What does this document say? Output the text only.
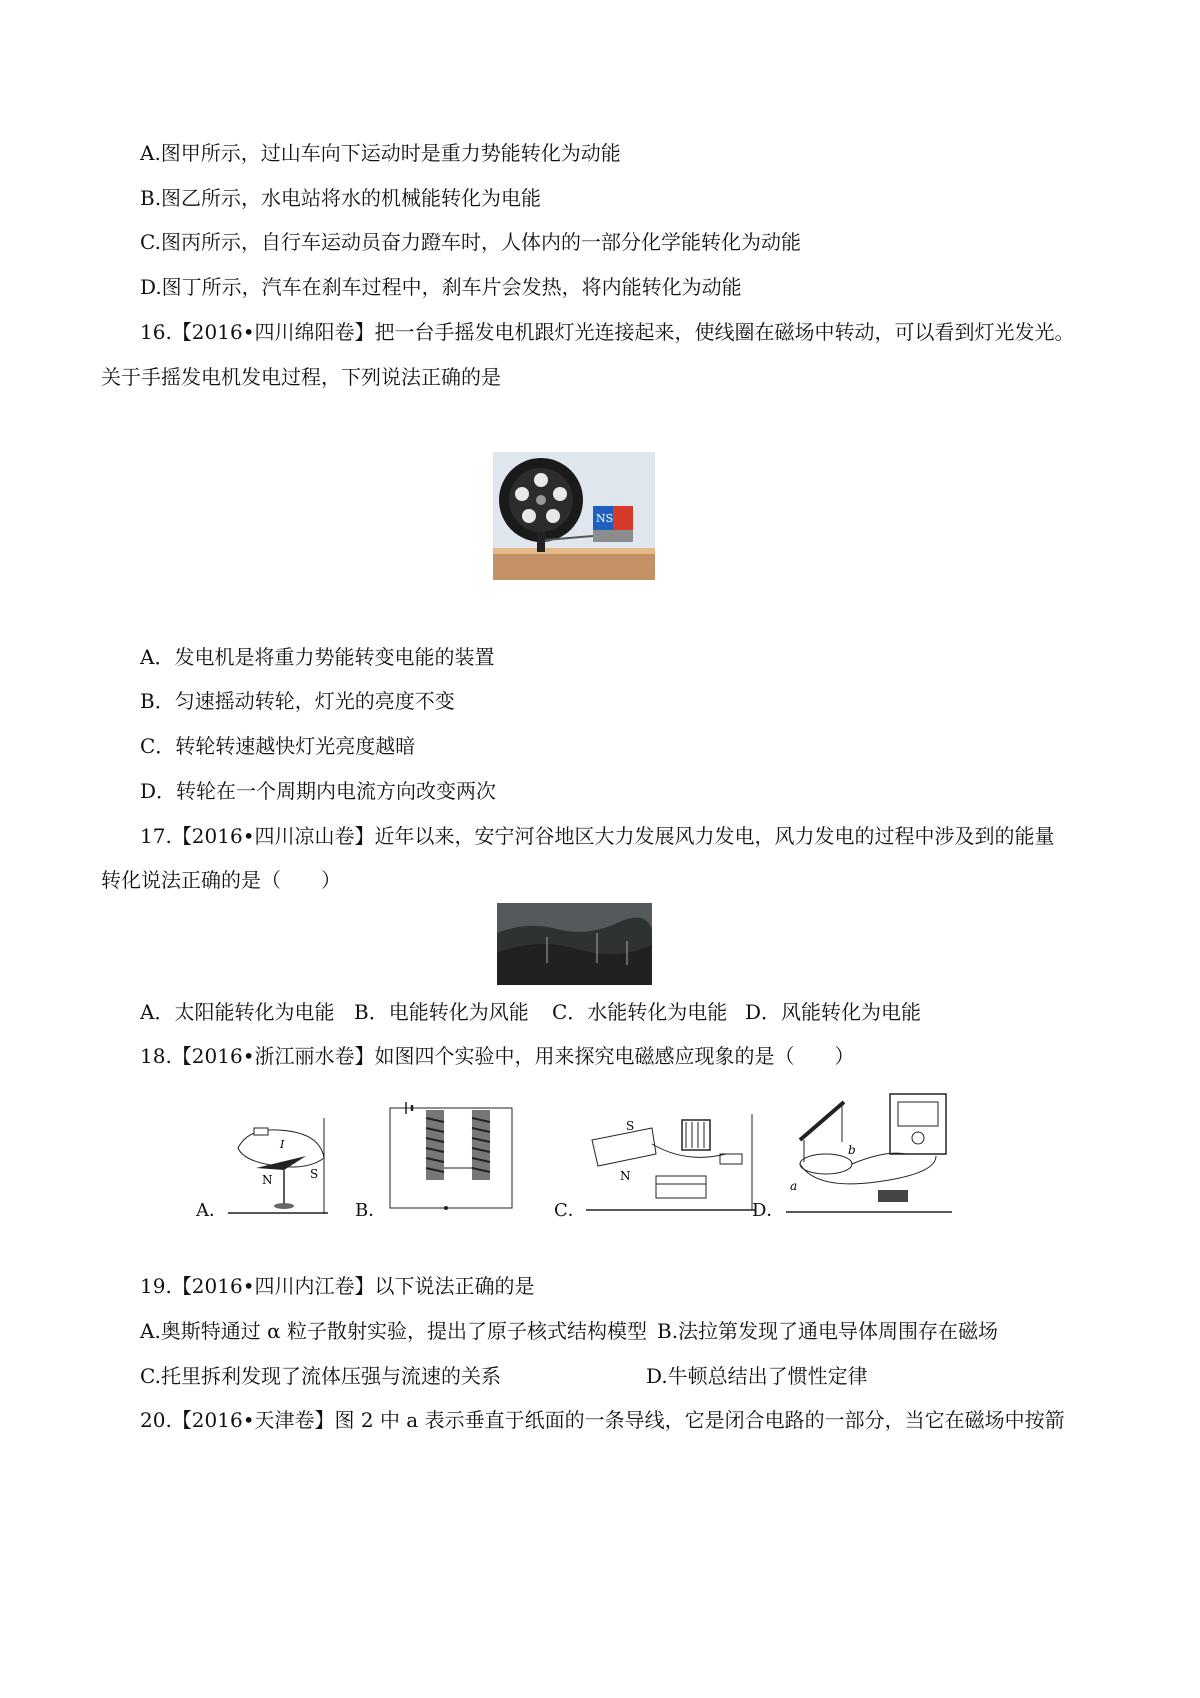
A.图甲所示，过山车向下运动时是重力势能转化为动能
B.图乙所示，水电站将水的机械能转化为电能
C.图丙所示，自行车运动员奋力蹬车时，人体内的一部分化学能转化为动能
D.图丁所示，汽车在刹车过程中，刹车片会发热，将内能转化为动能
16.【2016•四川绵阳卷】把一台手摇发电机跟灯光连接起来，使线圈在磁场中转动，可以看到灯光发光。
关于手摇发电机发电过程，下列说法正确的是
NS
A．发电机是将重力势能转变电能的装置
B．匀速摇动转轮，灯光的亮度不变
C．转轮转速越快灯光亮度越暗
D．转轮在一个周期内电流方向改变两次
17.【2016•四川凉山卷】近年以来，安宁河谷地区大力发展风力发电，风力发电的过程中涉及到的能量
转化说法正确的是（　　）
A．太阳能转化为电能 B．电能转化为风能 C．水能转化为电能 D．风能转化为电能
18.【2016•浙江丽水卷】如图四个实验中，用来探究电磁感应现象的是（　　）
I
N	S
A．	B．
S
N
C．
b
a
D．
19.【2016•四川内江卷】以下说法正确的是
A.奥斯特通过 α 粒子散射实验，提出了原子核式结构模型 B.法拉第发现了通电导体周围存在磁场
C.托里拆利发现了流体压强与流速的关系	D.牛顿总结出了惯性定律
20.【2016•天津卷】图 2 中 a 表示垂直于纸面的一条导线，它是闭合电路的一部分，当它在磁场中按箭
